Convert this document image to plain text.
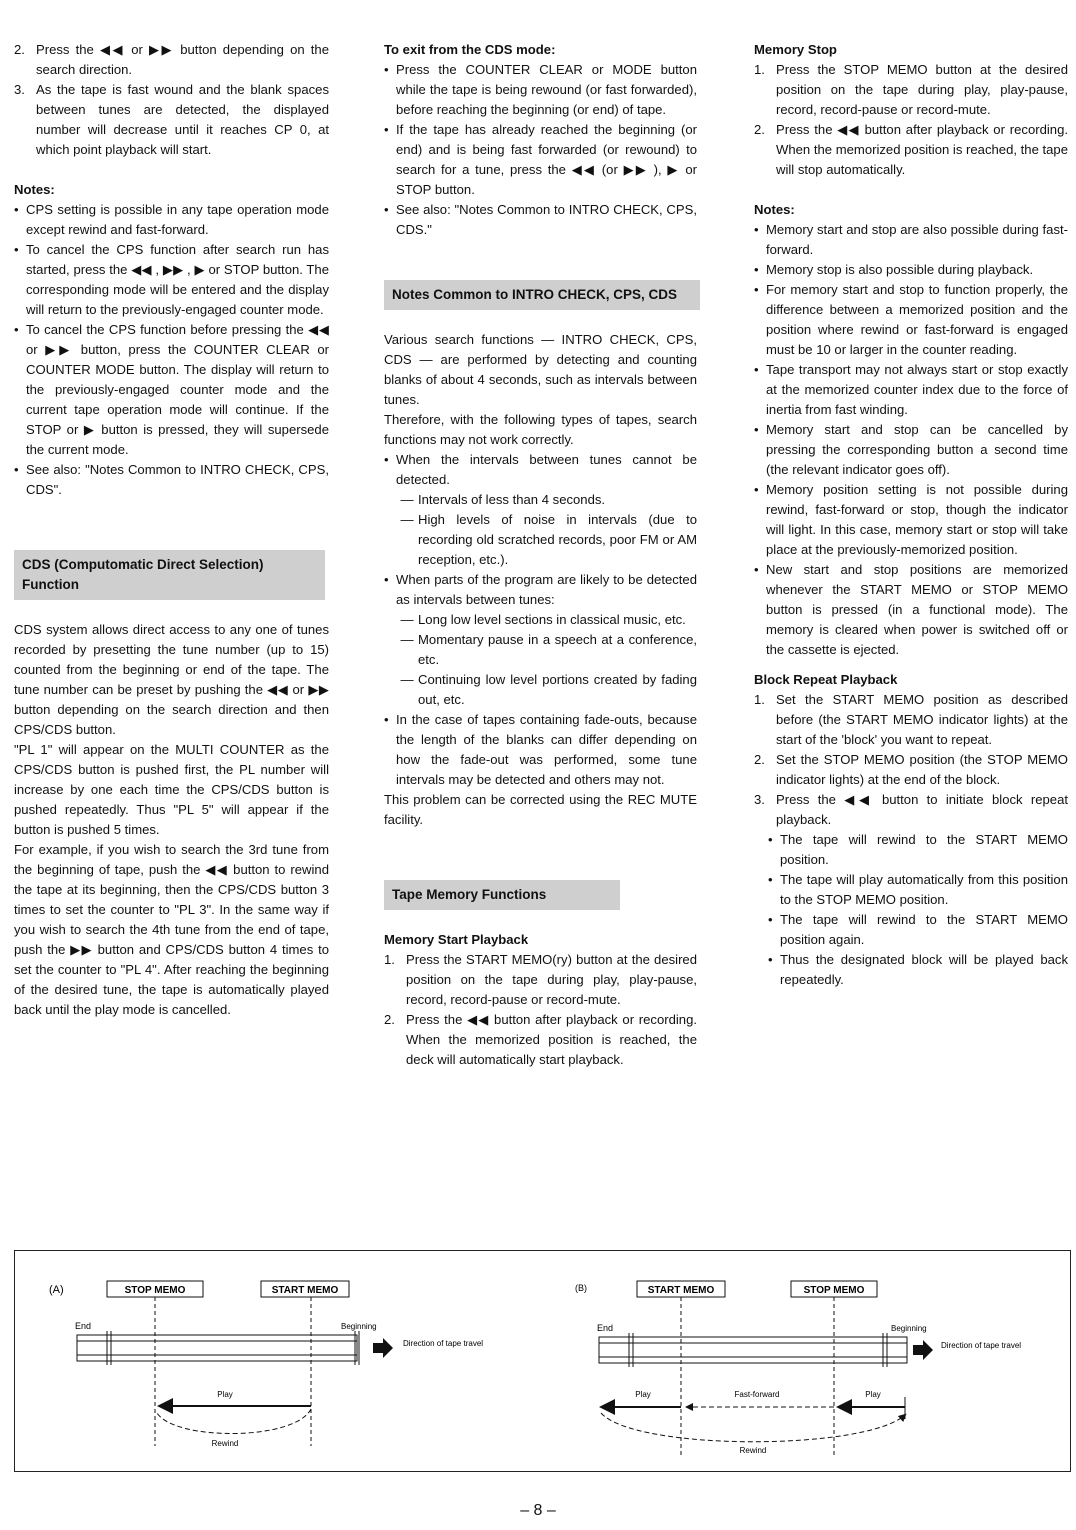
2. Press the ◀◀ or ▶▶ button depending on the search direction.
3. As the tape is fast wound and the blank spaces between tunes are detected, the displayed number will decrease until it reaches CP 0, at which point playback will start.

Notes:

• CPS setting is possible in any tape operation mode except rewind and fast-forward.
• To cancel the CPS function after search run has started, press the ◀◀ , ▶▶ , ▶ or STOP button. The corresponding mode will be entered and the display will return to the previously-engaged counter mode.
• To cancel the CPS function before pressing the ◀◀ or ▶▶ button, press the COUNTER CLEAR or COUNTER MODE button. The display will return to the previously-engaged counter mode and the current tape operation mode will continue. If the STOP or ▶ button is pressed, they will supersede the current mode.
• See also: "Notes Common to INTRO CHECK, CPS, CDS".

CDS (Computomatic Direct Selection) Function

CDS system allows direct access to any one of tunes recorded by presetting the tune number (up to 15) counted from the beginning or end of the tape. The tune number can be preset by pushing the ◀◀ or ▶▶ button depending on the search direction and then CPS/CDS button.

"PL 1" will appear on the MULTI COUNTER as the CPS/CDS button is pushed first, the PL number will increase by one each time the CPS/CDS button is pushed repeatedly. Thus "PL 5" will appear if the button is pushed 5 times.

For example, if you wish to search the 3rd tune from the beginning of tape, push the ◀◀ button to rewind the tape at its beginning, then the CPS/CDS button 3 times to set the counter to "PL 3". In the same way if you wish to search the 4th tune from the end of tape, push the ▶▶ button and CPS/CDS button 4 times to set the counter to "PL 4". After reaching the beginning of the desired tune, the tape is automatically played back until the play mode is cancelled.

To exit from the CDS mode:

• Press the COUNTER CLEAR or MODE button while the tape is being rewound (or fast forwarded), before reaching the beginning (or end) of tape.
• If the tape has already reached the beginning (or end) and is being fast forwarded (or rewound) to search for a tune, press the ◀◀ (or ▶▶ ), ▶ or STOP button.
• See also: "Notes Common to INTRO CHECK, CPS, CDS."

Notes Common to INTRO CHECK, CPS, CDS

Various search functions — INTRO CHECK, CPS, CDS — are performed by detecting and counting blanks of about 4 seconds, such as intervals between tunes.

Therefore, with the following types of tapes, search functions may not work correctly.

• When the intervals between tunes cannot be detected.
— Intervals of less than 4 seconds.
— High levels of noise in intervals (due to recording old scratched records, poor FM or AM reception, etc.).
• When parts of the program are likely to be detected as intervals between tunes:
— Long low level sections in classical music, etc.
— Momentary pause in a speech at a conference, etc.
— Continuing low level portions created by fading out, etc.
• In the case of tapes containing fade-outs, because the length of the blanks can differ depending on how the fade-out was performed, some tune intervals may be detected and others may not.

This problem can be corrected using the REC MUTE facility.

Tape Memory Functions

Memory Start Playback

1. Press the START MEMO(ry) button at the desired position on the tape during play, play-pause, record, record-pause or record-mute.
2. Press the ◀◀ button after playback or recording. When the memorized position is reached, the deck will automatically start playback.

Memory Stop

1. Press the STOP MEMO button at the desired position on the tape during play, play-pause, record, record-pause or record-mute.
2. Press the ◀◀ button after playback or recording. When the memorized position is reached, the tape will stop automatically.

Notes:

• Memory start and stop are also possible during fast-forward.
• Memory stop is also possible during playback.
• For memory start and stop to function properly, the difference between a memorized position and the position where rewind or fast-forward is engaged must be 10 or larger in the counter reading.
• Tape transport may not always start or stop exactly at the memorized counter index due to the force of inertia from fast winding.
• Memory start and stop can be cancelled by pressing the corresponding button a second time (the relevant indicator goes off).
• Memory position setting is not possible during rewind, fast-forward or stop, though the indicator will light. In this case, memory start or stop will take place at the previously-memorized position.
• New start and stop positions are memorized whenever the START MEMO or STOP MEMO button is pressed (in a functional mode). The memory is cleared when power is switched off or the cassette is ejected.

Block Repeat Playback

1. Set the START MEMO position as described before (the START MEMO indicator lights) at the start of the 'block' you want to repeat.
2. Set the STOP MEMO position (the STOP MEMO indicator lights) at the end of the block.
3. Press the ◀◀ button to initiate block repeat playback.
• The tape will rewind to the START MEMO position.
• The tape will play automatically from this position to the STOP MEMO position.
• The tape will rewind to the START MEMO position again.
• Thus the designated block will be played back repeatedly.
(A)	STOP MEMO	START MEMO
End	Beginning
Direction of tape travel
Play
Rewind
(B)	START MEMO	STOP MEMO
End	Beginning
Direction of tape travel
Play	Fast-forward	Play
Rewind
– 8 –
